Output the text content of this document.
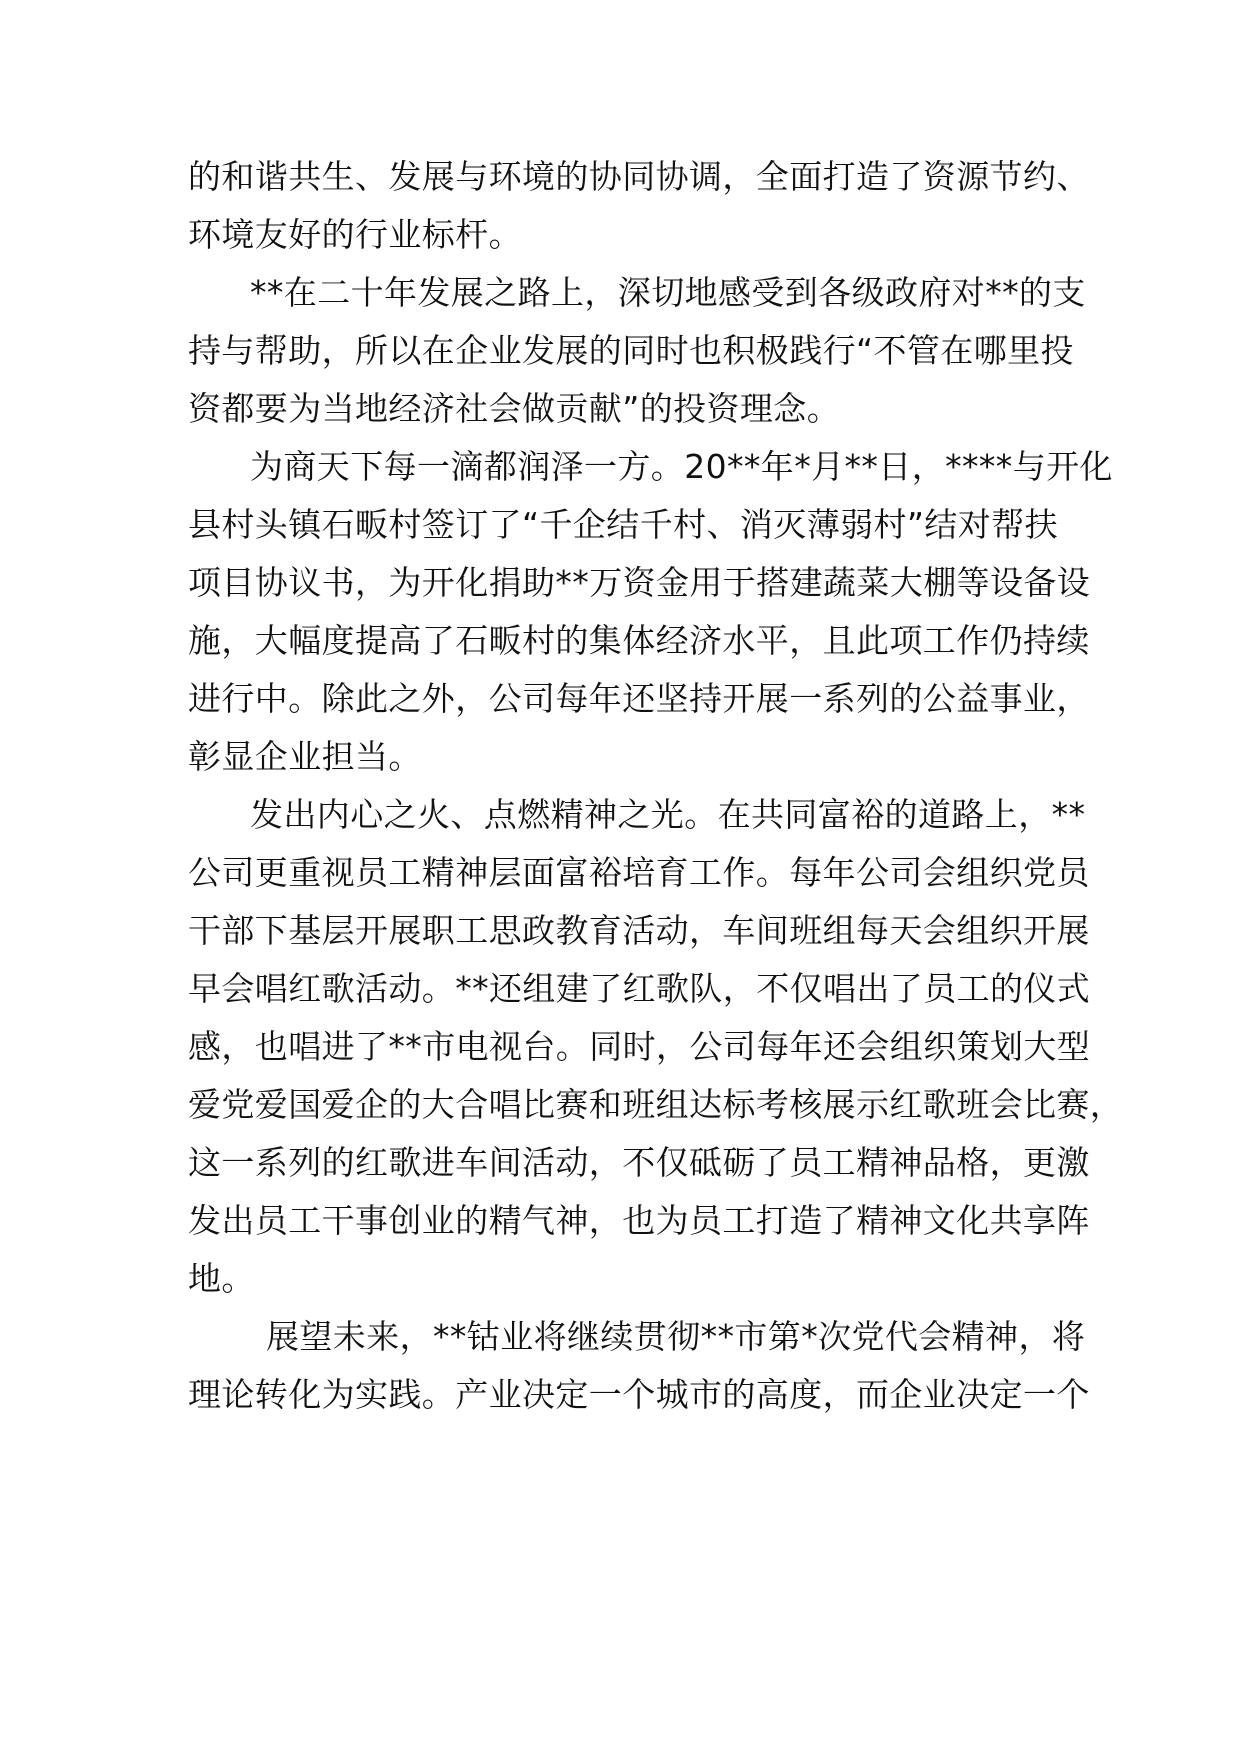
的和谐共生、发展与环境的协同协调，全面打造了资源节约、
环境友好的行业标杆。
**在二十年发展之路上，深切地感受到各级政府对**的支
持与帮助，所以在企业发展的同时也积极践行“不管在哪里投
资都要为当地经济社会做贡献”的投资理念。
为商天下每一滴都润泽一方。20**年*月**日，****与开化
县村头镇石畈村签订了“千企结千村、消灭薄弱村”结对帮扶
项目协议书，为开化捐助**万资金用于搭建蔬菜大棚等设备设
施，大幅度提高了石畈村的集体经济水平，且此项工作仍持续
进行中。除此之外，公司每年还坚持开展一系列的公益事业，
彰显企业担当。
发出内心之火、点燃精神之光。在共同富裕的道路上，**
公司更重视员工精神层面富裕培育工作。每年公司会组织党员
干部下基层开展职工思政教育活动，车间班组每天会组织开展
早会唱红歌活动。**还组建了红歌队，不仅唱出了员工的仪式
感，也唱进了**市电视台。同时，公司每年还会组织策划大型
爱党爱国爱企的大合唱比赛和班组达标考核展示红歌班会比赛，
这一系列的红歌进车间活动，不仅砥砺了员工精神品格，更激
发出员工干事创业的精气神，也为员工打造了精神文化共享阵
地。
展望未来，**钴业将继续贯彻**市第*次党代会精神，将
理论转化为实践。产业决定一个城市的高度，而企业决定一个
